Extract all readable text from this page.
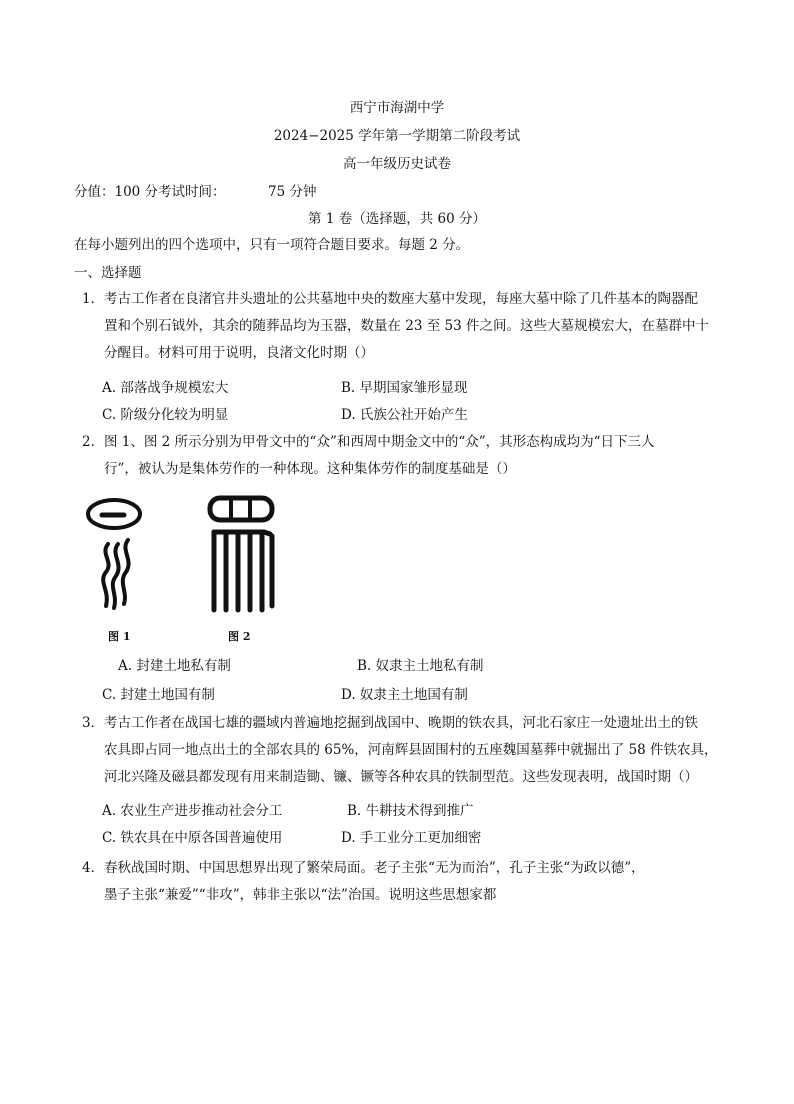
西宁市海湖中学
2024−2025 学年第一学期第二阶段考试
高一年级历史试卷
分值：100 分考试时间：	75 分钟
第 1 卷（选择题，共 60 分）
在每小题列出的四个选项中，只有一项符合题目要求。每题 2 分。
一、选择题
1． 考古工作者在良渚官井头遗址的公共墓地中央的数座大墓中发现，每座大墓中除了几件基本的陶器配
置和个别石钺外，其余的随葬品均为玉器，数量在 23 至 53 件之间。这些大墓规模宏大，在墓群中十
分醒目。材料可用于说明，良渚文化时期（）
A. 部落战争规模宏大	B. 早期国家雏形显现
C. 阶级分化较为明显	D. 氏族公社开始产生
2． 图 1、图 2 所示分别为甲骨文中的“众”和西周中期金文中的“众”，其形态构成均为“日下三人
行”，被认为是集体劳作的一种体现。这种集体劳作的制度基础是（）
图 1	图 2
A. 封建土地私有制	B. 奴隶主土地私有制
C. 封建土地国有制	D. 奴隶主土地国有制
3． 考古工作者在战国七雄的疆域内普遍地挖掘到战国中、晚期的铁农具，河北石家庄一处遗址出土的铁
农具即占同一地点出土的全部农具的 65%，河南辉县固围村的五座魏国墓葬中就掘出了 58 件铁农具，
河北兴隆及磁县都发现有用来制造锄、镰、镢等各种农具的铁制型范。这些发现表明，战国时期（）
A. 农业生产进步推动社会分工	B. 牛耕技术得到推广
C. 铁农具在中原各国普遍使用	D. 手工业分工更加细密
4． 春秋战国时期、中国思想界出现了繁荣局面。老子主张“无为而治”，孔子主张“为政以德”，
墨子主张“兼爱”“非攻”，韩非主张以“法”治国。说明这些思想家都
